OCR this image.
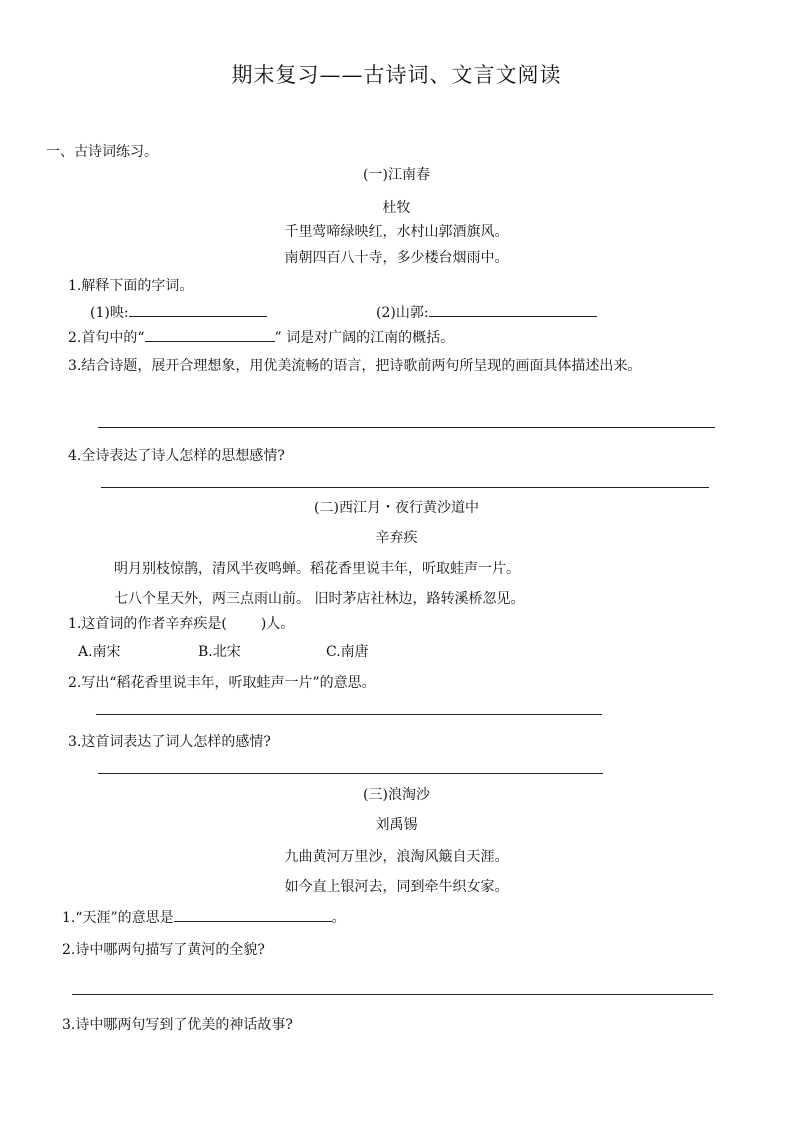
期末复习——古诗词、文言文阅读
一、古诗词练习。
(一)江南春
杜牧
千里莺啼绿映红，水村山郭酒旗风。
南朝四百八十寺，多少楼台烟雨中。
1.解释下面的字词。
(1)映:	(2)山郭:
2.首句中的“	” 词是对广阔的江南的概括。
3.结合诗题，展开合理想象，用优美流畅的语言，把诗歌前两句所呈现的画面具体描述出来。
4.全诗表达了诗人怎样的思想感情?
(二)西江月・夜行黄沙道中
辛弃疾
明月别枝惊鹊，清风半夜鸣蝉。稻花香里说丰年，听取蛙声一片。
七八个星天外，两三点雨山前。 旧时茅店社林边，路转溪桥忽见。
1.这首词的作者辛弃疾是( )人。
A.南宋	B.北宋	C.南唐
2.写出“稻花香里说丰年，听取蛙声一片”的意思。
3.这首词表达了词人怎样的感情?
(三)浪淘沙
刘禹锡
九曲黄河万里沙，浪淘风簸自天涯。
如今直上银河去，同到牵牛织女家。
1.“天涯”的意思是	。
2.诗中哪两句描写了黄河的全貌?
3.诗中哪两句写到了优美的神话故事?
